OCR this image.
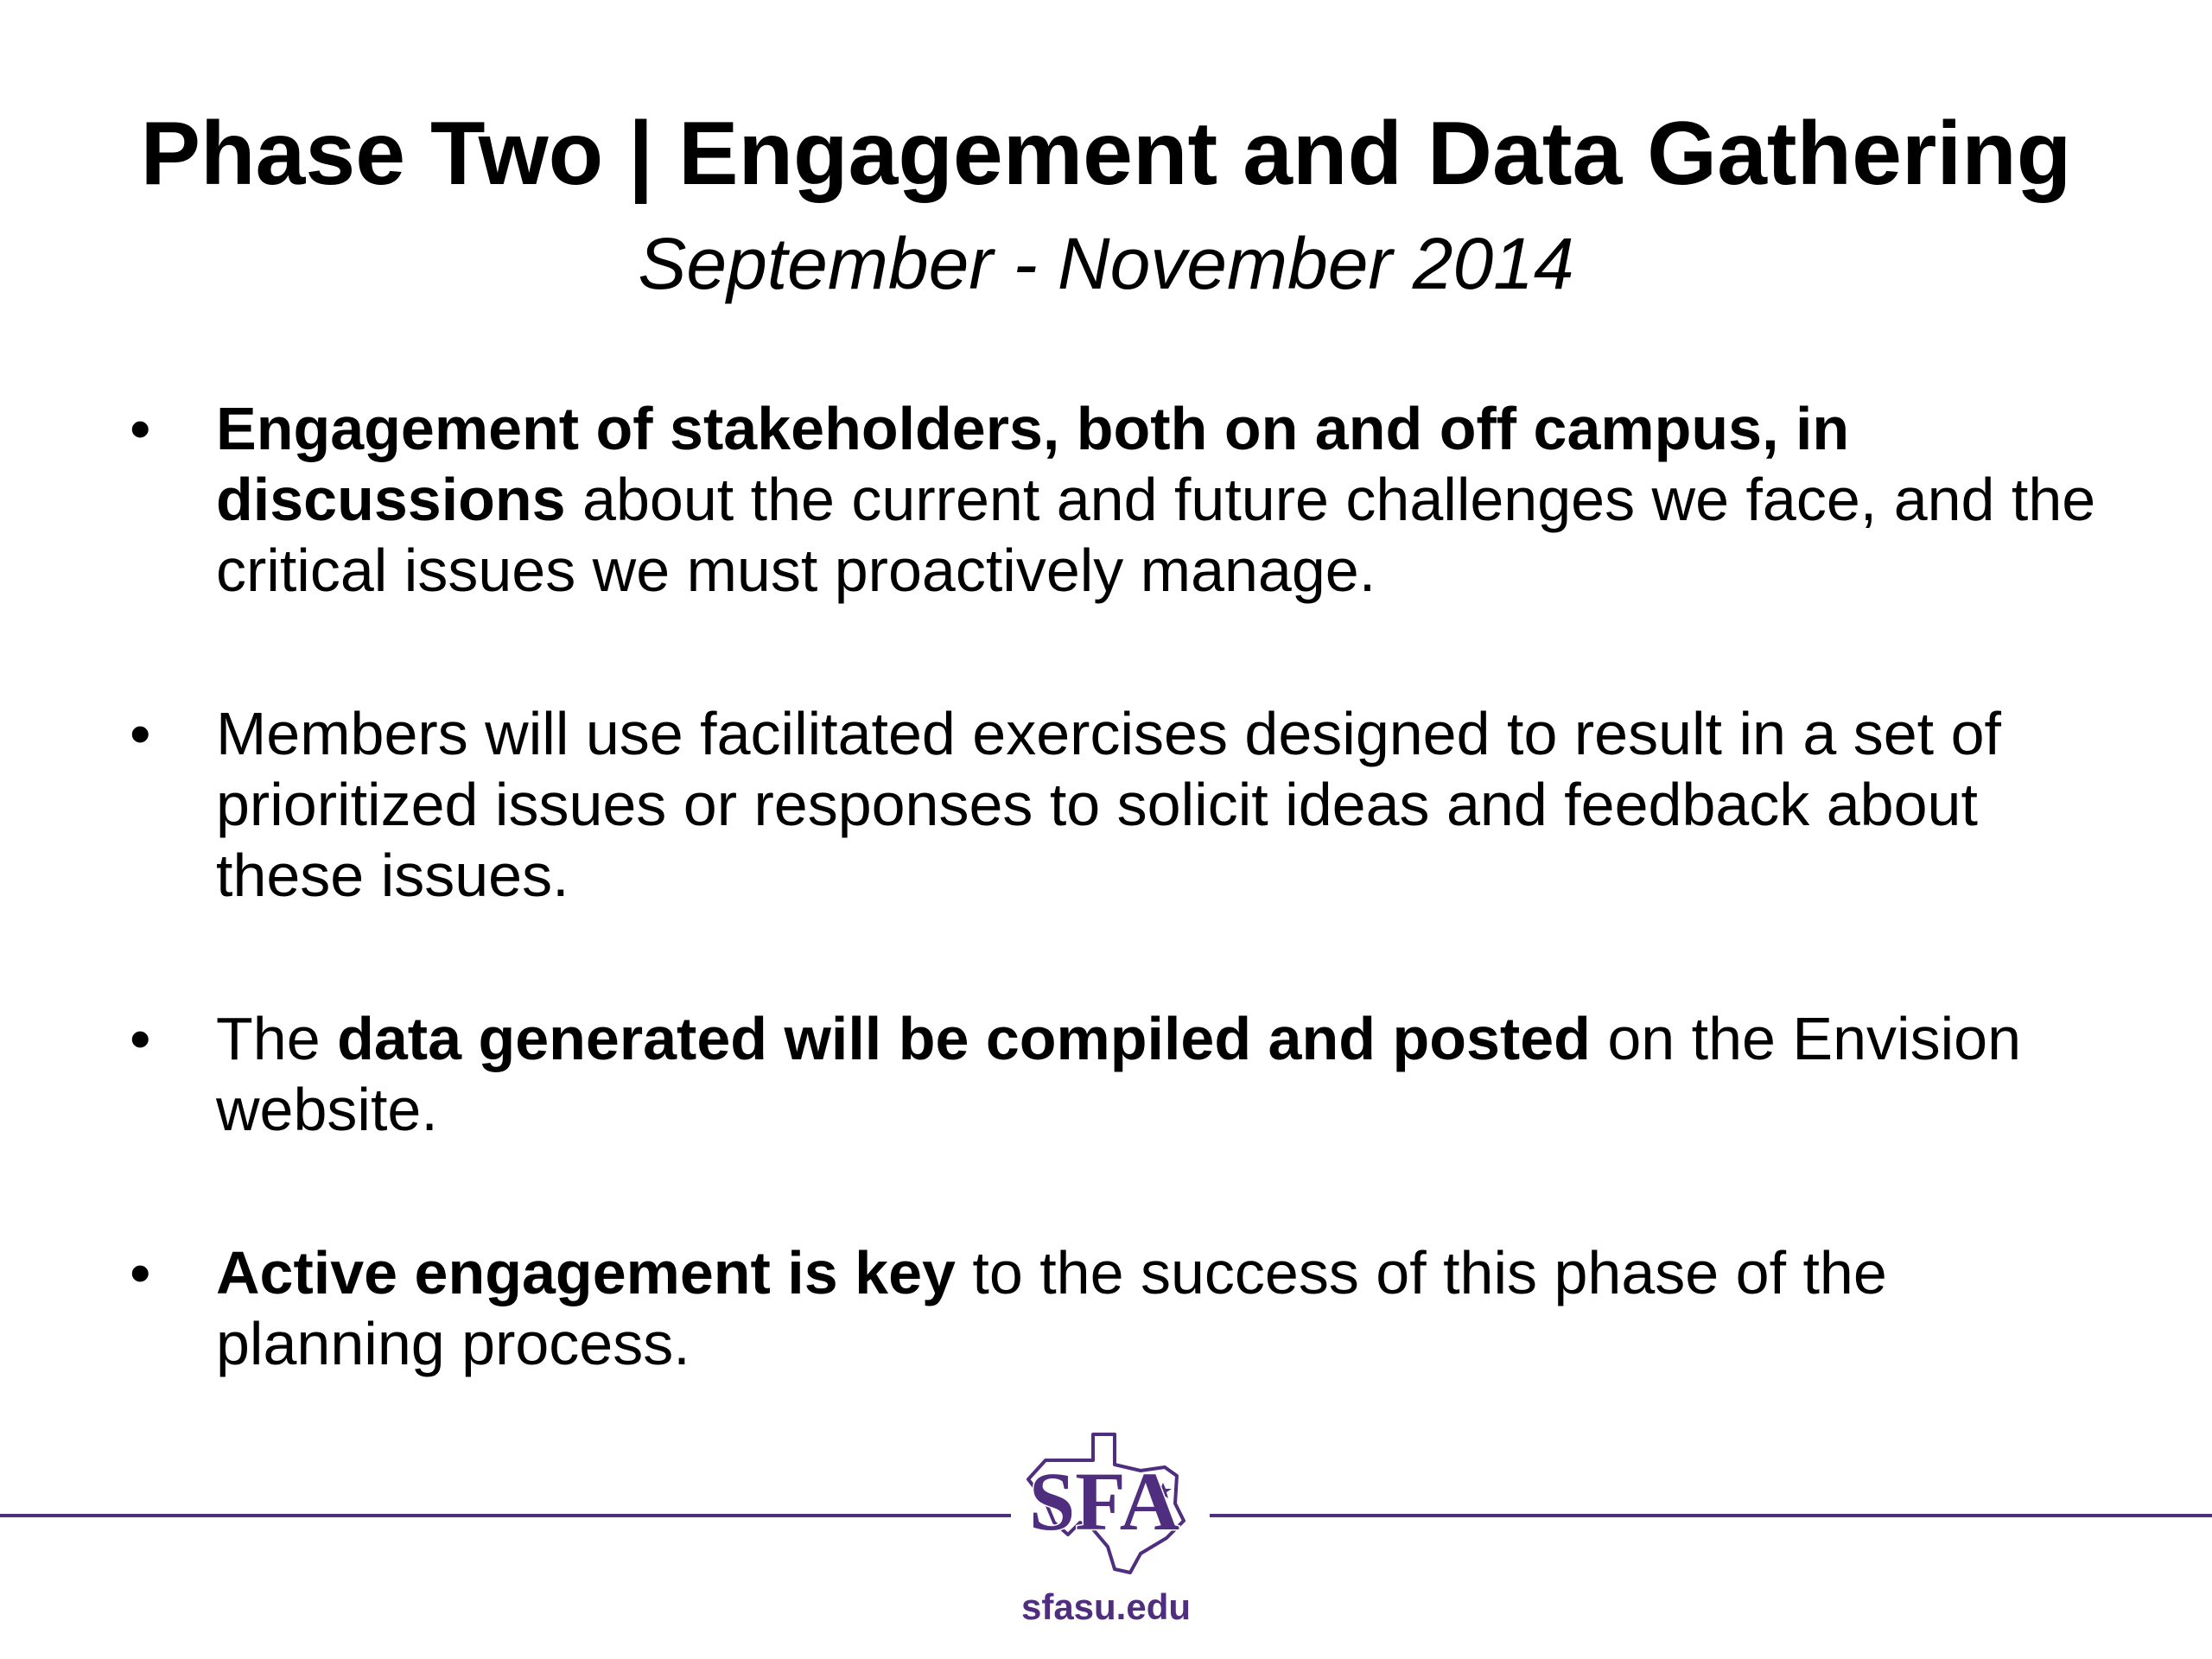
Phase Two | Engagement and Data Gathering
September - November 2014
• Engagement of stakeholders, both on and off campus, in discussions about the current and future challenges we face, and the critical issues we must proactively manage.
• Members will use facilitated exercises designed to result in a set of prioritized issues or responses to solicit ideas and feedback about these issues.
• The data generated will be compiled and posted on the Envision website.
• Active engagement is key to the success of this phase of the planning process.
SFA
sfasu.edu
